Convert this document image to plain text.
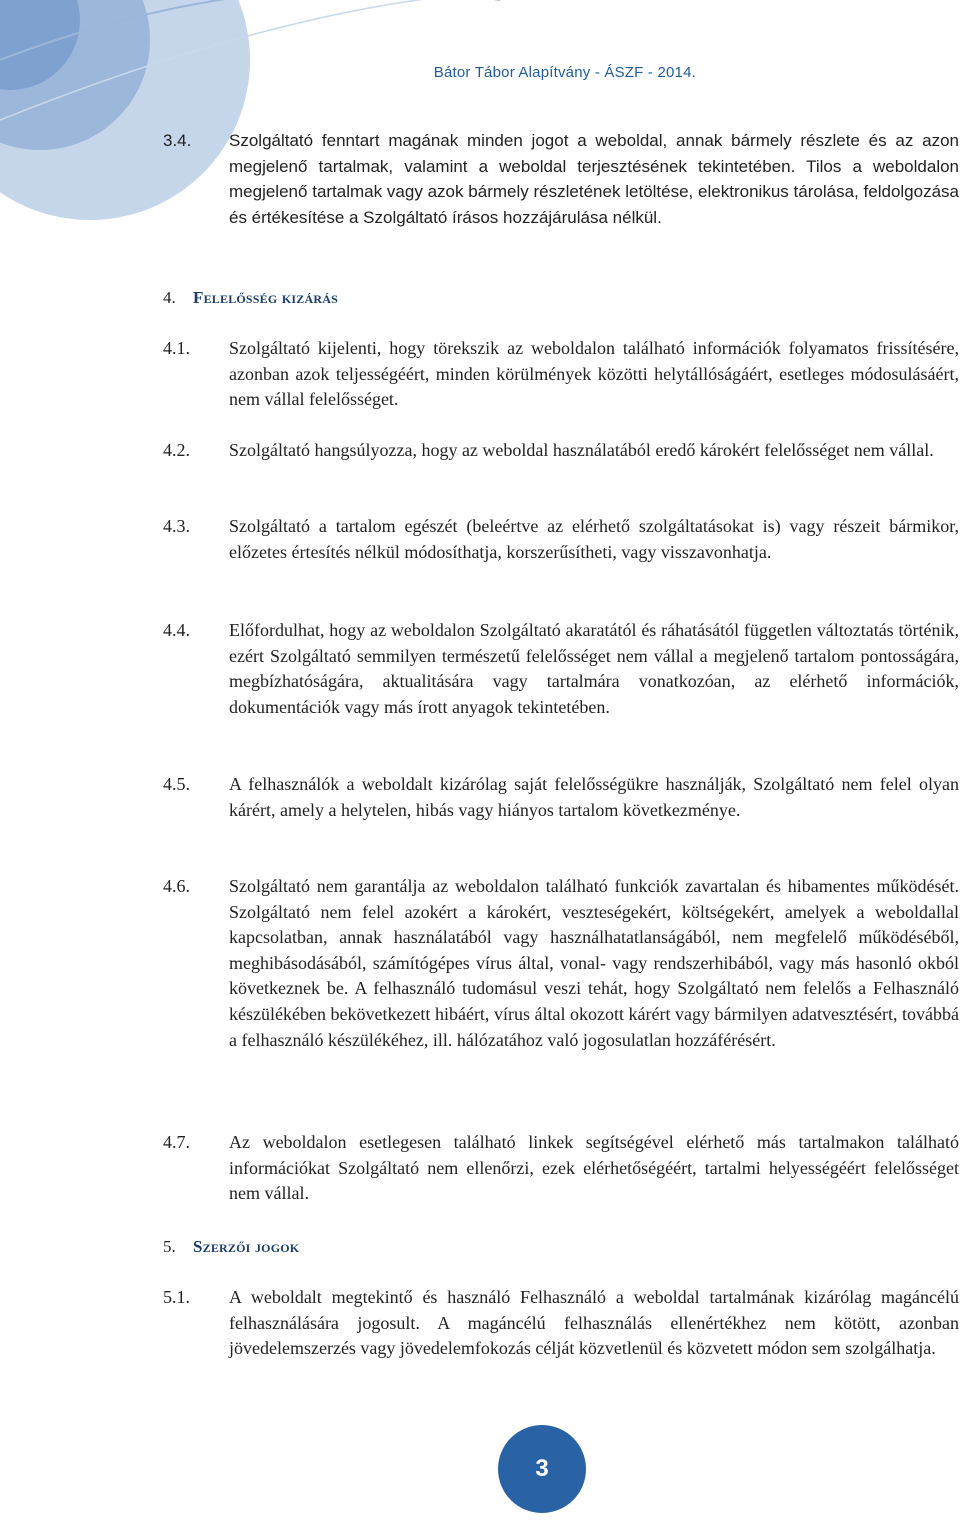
Bátor Tábor Alapítvány - ÁSZF - 2014.
3.4. Szolgáltató fenntart magának minden jogot a weboldal, annak bármely részlete és az azon megjelenő tartalmak, valamint a weboldal terjesztésének tekintetében. Tilos a weboldalon megjelenő tartalmak vagy azok bármely részletének letöltése, elektronikus tárolása, feldolgozása és értékesítése a Szolgáltató írásos hozzájárulása nélkül.
4. Felelősség kizárás
4.1. Szolgáltató kijelenti, hogy törekszik az weboldalon található információk folyamatos frissítésére, azonban azok teljességéért, minden körülmények közötti helytállóságáért, esetleges módosulásáért, nem vállal felelősséget.
4.2. Szolgáltató hangsúlyozza, hogy az weboldal használatából eredő károkért felelősséget nem vállal.
4.3. Szolgáltató a tartalom egészét (beleértve az elérhető szolgáltatásokat is) vagy részeit bármikor, előzetes értesítés nélkül módosíthatja, korszerűsítheti, vagy visszavonhatja.
4.4. Előfordulhat, hogy az weboldalon Szolgáltató akaratától és ráhatásától független változtatás történik, ezért Szolgáltató semmilyen természetű felelősséget nem vállal a megjelenő tartalom pontosságára, megbízhatóságára, aktualitására vagy tartalmára vonatkozóan, az elérhető információk, dokumentációk vagy más írott anyagok tekintetében.
4.5. A felhasználók a weboldalt kizárólag saját felelősségükre használják, Szolgáltató nem felel olyan kárért, amely a helytelen, hibás vagy hiányos tartalom következménye.
4.6. Szolgáltató nem garantálja az weboldalon található funkciók zavartalan és hibamentes működését. Szolgáltató nem felel azokért a károkért, veszteségekért, költségekért, amelyek a weboldallal kapcsolatban, annak használatából vagy használhatatlanságából, nem megfelelő működéséből, meghibásodásából, számítógépes vírus által, vonal- vagy rendszerhibából, vagy más hasonló okból következnek be. A felhasználó tudomásul veszi tehát, hogy Szolgáltató nem felelős a Felhasználó készülékében bekövetkezett hibáért, vírus által okozott kárért vagy bármilyen adatvesztésért, továbbá a felhasználó készülékéhez, ill. hálózatához való jogosulatlan hozzáférésért.
4.7. Az weboldalon esetlegesen található linkek segítségével elérhető más tartalmakon található információkat Szolgáltató nem ellenőrzi, ezek elérhetőségéért, tartalmi helyességéért felelősséget nem vállal.
5. Szerzői jogok
5.1. A weboldalt megtekintő és használó Felhasználó a weboldal tartalmának kizárólag magáncélú felhasználására jogosult. A magáncélú felhasználás ellenértékhez nem kötött, azonban jövedelemszerzés vagy jövedelemfokozás célját közvetlenül és közvetett módon sem szolgálhatja.
3
